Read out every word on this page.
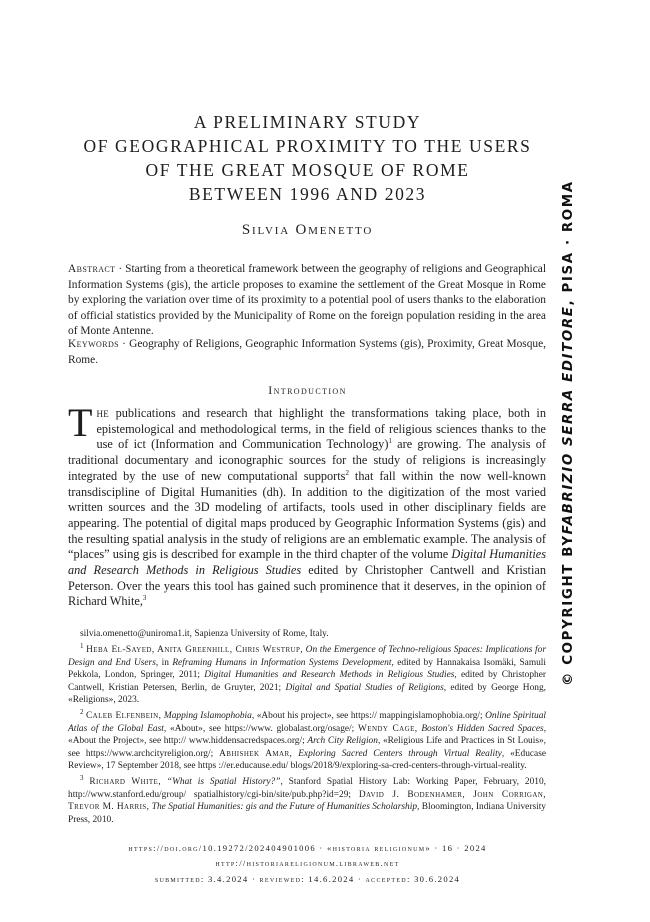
A PRELIMINARY STUDY
OF GEOGRAPHICAL PROXIMITY TO THE USERS
OF THE GREAT MOSQUE OF ROME
BETWEEN 1996 AND 2023
Silvia Omenetto

Abstract · Starting from a theoretical framework between the geography of religions and Geographical Information Systems (gis), the article proposes to examine the settlement of the Great Mosque in Rome by exploring the variation over time of its proximity to a potential pool of users thanks to the elaboration of official statistics provided by the Municipality of Rome on the foreign population residing in the area of Monte Antenne.

Keywords · Geography of Religions, Geographic Information Systems (gis), Proximity, Great Mosque, Rome.

Introduction

The publications and research that highlight the transformations taking place, both in epistemological and methodological terms, in the field of religious sciences thanks to the use of ict (Information and Communication Technology)$^1$ are growing. The analysis of traditional documentary and iconographic sources for the study of religions is increasingly integrated by the use of new computational supports$^2$ that fall within the now well-known transdiscipline of Digital Humanities (dh). In addition to the digitization of the most varied written sources and the 3D modeling of artifacts, tools used in other disciplinary fields are appearing. The potential of digital maps produced by Geographic Information Systems (gis) and the resulting spatial analysis in the study of religions are an emblematic example. The analysis of “places” using gis is described for example in the third chapter of the volume Digital Humanities and Research Methods in Religious Studies edited by Christopher Cantwell and Kristian Peterson. Over the years this tool has gained such prominence that it deserves, in the opinion of Richard White,$^3$

silvia.omenetto@uniroma1.it, Sapienza University of Rome, Italy.

$^1$ Heba El-Sayed, Anita Greenhill, Chris Westrup, On the Emergence of Techno-religious Spaces: Implications for Design and End Users, in Reframing Humans in Information Systems Development, edited by Hannakaisa Isomäki, Samuli Pekkola, London, Springer, 2011; Digital Humanities and Research Methods in Religious Studies, edited by Christopher Cantwell, Kristian Petersen, Berlin, de Gruyter, 2021; Digital and Spatial Studies of Religions, edited by George Hong, «Religions», 2023.

$^2$ Caleb Elfenbein, Mapping Islamophobia, «About his project», see https:// mappingislamophobia.org/; Online Spiritual Atlas of the Global East, «About», see https://www. globalast.org/osage/; Wendy Cage, Boston's Hidden Sacred Spaces, «About the Project», see http:// www.hiddensacredspaces.org/; Arch City Religion, «Religious Life and Practices in St Louis», see https://www.archcityreligion.org/; Abhishek Amar, Exploring Sacred Centers through Virtual Reality, «Educase Review», 17 September 2018, see https ://er.educause.edu/ blogs/2018/9/exploring-sa-cred-centers-through-virtual-reality.

$^3$ Richard White, “What is Spatial History?”, Stanford Spatial History Lab: Working Paper, February, 2010, http://www.stanford.edu/group/ spatialhistory/cgi-bin/site/pub.php?id=29; David J. Bodenhamer, John Corrigan, Trevor M. Harris, The Spatial Humanities: gis and the Future of Humanities Scholarship, Bloomington, Indiana University Press, 2010.

https://doi.org/10.19272/202404901006 · «historia religionum» · 16 · 2024
http://historiareligionum.libraweb.net
submitted: 3.4.2024 · reviewed: 14.6.2024 · accepted: 30.6.2024
© COPYRIGHT BY
FABRIZIO SERRA EDITORE
, PISA · ROMA
